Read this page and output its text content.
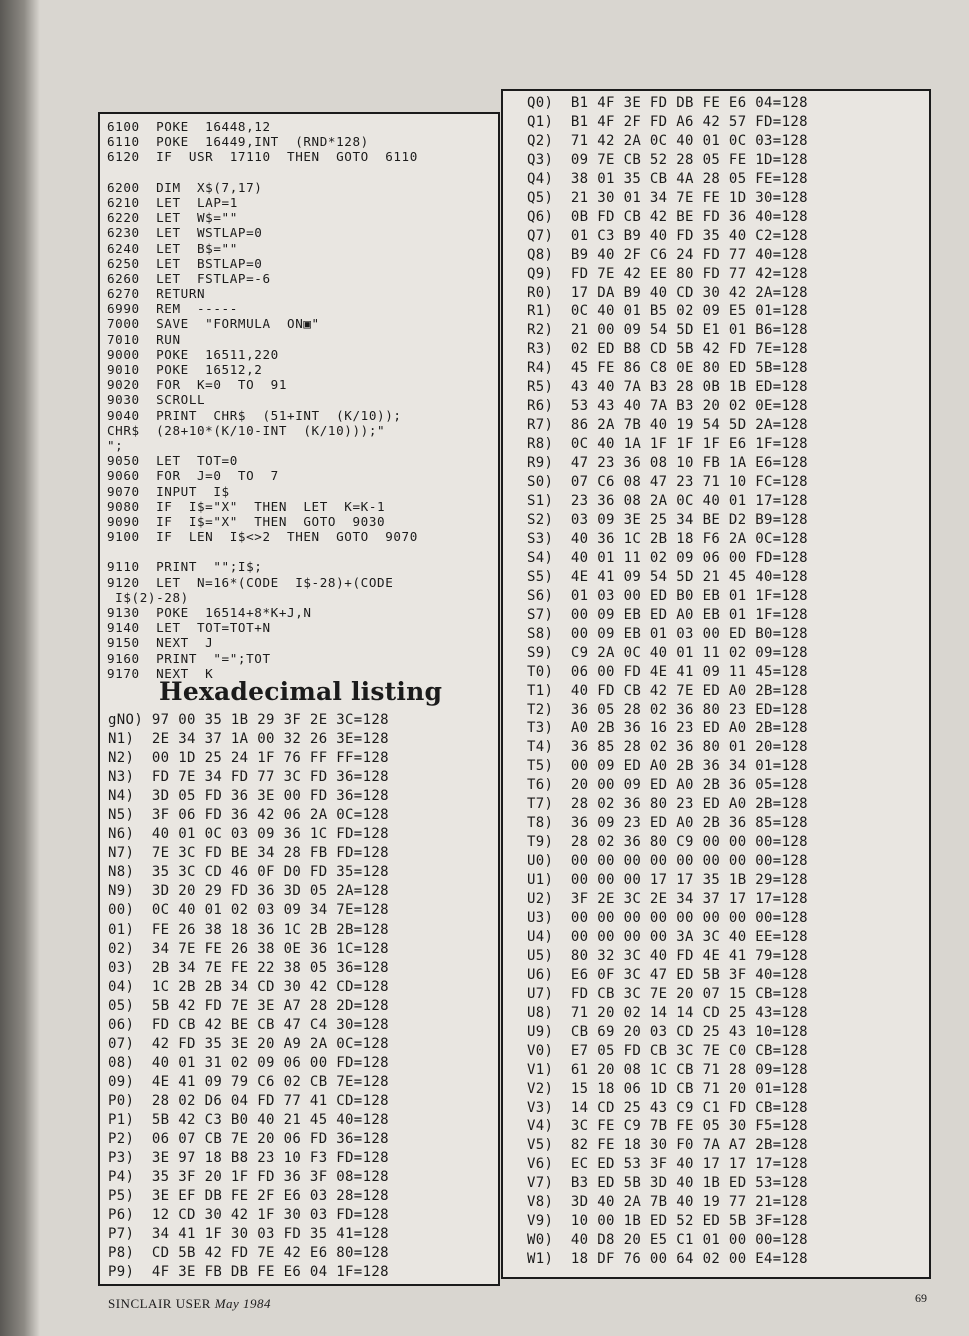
6100  POKE  16448,12
6110  POKE  16449,INT  (RND*128)
6120  IF  USR  17110  THEN  GOTO  6110

6200  DIM  X$(7,17)
6210  LET  LAP=1
6220  LET  W$=""
6230  LET  WSTLAP=0
6240  LET  B$=""
6250  LET  BSTLAP=0
6260  LET  FSTLAP=-6
6270  RETURN
6990  REM  -----
7000  SAVE  "FORMULA  ON▣"
7010  RUN
9000  POKE  16511,220
9010  POKE  16512,2
9020  FOR  K=0  TO  91
9030  SCROLL
9040  PRINT  CHR$  (51+INT  (K/10));
CHR$  (28+10*(K/10-INT  (K/10)));"
";
9050  LET  TOT=0
9060  FOR  J=0  TO  7
9070  INPUT  I$
9080  IF  I$="X"  THEN  LET  K=K-1
9090  IF  I$="X"  THEN  GOTO  9030
9100  IF  LEN  I$<>2  THEN  GOTO  9070

9110  PRINT  "";I$;
9120  LET  N=16*(CODE  I$-28)+(CODE
I$(2)-28)
9130  POKE  16514+8*K+J,N
9140  LET  TOT=TOT+N
9150  NEXT  J
9160  PRINT  "=";TOT
9170  NEXT  K
Hexadecimal listing
gNO) 97 00 35 1B 29 3F 2E 3C=128
N1)  2E 34 37 1A 00 32 26 3E=128
N2)  00 1D 25 24 1F 76 FF FF=128
N3)  FD 7E 34 FD 77 3C FD 36=128
N4)  3D 05 FD 36 3E 00 FD 36=128
N5)  3F 06 FD 36 42 06 2A 0C=128
N6)  40 01 0C 03 09 36 1C FD=128
N7)  7E 3C FD BE 34 28 FB FD=128
N8)  35 3C CD 46 0F D0 FD 35=128
N9)  3D 20 29 FD 36 3D 05 2A=128
00)  0C 40 01 02 03 09 34 7E=128
01)  FE 26 38 18 36 1C 2B 2B=128
02)  34 7E FE 26 38 0E 36 1C=128
03)  2B 34 7E FE 22 38 05 36=128
04)  1C 2B 2B 34 CD 30 42 CD=128
05)  5B 42 FD 7E 3E A7 28 2D=128
06)  FD CB 42 BE CB 47 C4 30=128
07)  42 FD 35 3E 20 A9 2A 0C=128
08)  40 01 31 02 09 06 00 FD=128
09)  4E 41 09 79 C6 02 CB 7E=128
P0)  28 02 D6 04 FD 77 41 CD=128
P1)  5B 42 C3 B0 40 21 45 40=128
P2)  06 07 CB 7E 20 06 FD 36=128
P3)  3E 97 18 B8 23 10 F3 FD=128
P4)  35 3F 20 1F FD 36 3F 08=128
P5)  3E EF DB FE 2F E6 03 28=128
P6)  12 CD 30 42 1F 30 03 FD=128
P7)  34 41 1F 30 03 FD 35 41=128
P8)  CD 5B 42 FD 7E 42 E6 80=128
P9)  4F 3E FB DB FE E6 04 1F=128
Q0)  B1 4F 3E FD DB FE E6 04=128
Q1)  B1 4F 2F FD A6 42 57 FD=128
Q2)  71 42 2A 0C 40 01 0C 03=128
Q3)  09 7E CB 52 28 05 FE 1D=128
Q4)  38 01 35 CB 4A 28 05 FE=128
Q5)  21 30 01 34 7E FE 1D 30=128
Q6)  0B FD CB 42 BE FD 36 40=128
Q7)  01 C3 B9 40 FD 35 40 C2=128
Q8)  B9 40 2F C6 24 FD 77 40=128
Q9)  FD 7E 42 EE 80 FD 77 42=128
R0)  17 DA B9 40 CD 30 42 2A=128
R1)  0C 40 01 B5 02 09 E5 01=128
R2)  21 00 09 54 5D E1 01 B6=128
R3)  02 ED B8 CD 5B 42 FD 7E=128
R4)  45 FE 86 C8 0E 80 ED 5B=128
R5)  43 40 7A B3 28 0B 1B ED=128
R6)  53 43 40 7A B3 20 02 0E=128
R7)  86 2A 7B 40 19 54 5D 2A=128
R8)  0C 40 1A 1F 1F 1F E6 1F=128
R9)  47 23 36 08 10 FB 1A E6=128
S0)  07 C6 08 47 23 71 10 FC=128
S1)  23 36 08 2A 0C 40 01 17=128
S2)  03 09 3E 25 34 BE D2 B9=128
S3)  40 36 1C 2B 18 F6 2A 0C=128
S4)  40 01 11 02 09 06 00 FD=128
S5)  4E 41 09 54 5D 21 45 40=128
S6)  01 03 00 ED B0 EB 01 1F=128
S7)  00 09 EB ED A0 EB 01 1F=128
S8)  00 09 EB 01 03 00 ED B0=128
S9)  C9 2A 0C 40 01 11 02 09=128
T0)  06 00 FD 4E 41 09 11 45=128
T1)  40 FD CB 42 7E ED A0 2B=128
T2)  36 05 28 02 36 80 23 ED=128
T3)  A0 2B 36 16 23 ED A0 2B=128
T4)  36 85 28 02 36 80 01 20=128
T5)  00 09 ED A0 2B 36 34 01=128
T6)  20 00 09 ED A0 2B 36 05=128
T7)  28 02 36 80 23 ED A0 2B=128
T8)  36 09 23 ED A0 2B 36 85=128
T9)  28 02 36 80 C9 00 00 00=128
U0)  00 00 00 00 00 00 00 00=128
U1)  00 00 00 17 17 35 1B 29=128
U2)  3F 2E 3C 2E 34 37 17 17=128
U3)  00 00 00 00 00 00 00 00=128
U4)  00 00 00 00 3A 3C 40 EE=128
U5)  80 32 3C 40 FD 4E 41 79=128
U6)  E6 0F 3C 47 ED 5B 3F 40=128
U7)  FD CB 3C 7E 20 07 15 CB=128
U8)  71 20 02 14 14 CD 25 43=128
U9)  CB 69 20 03 CD 25 43 10=128
V0)  E7 05 FD CB 3C 7E C0 CB=128
V1)  61 20 08 1C CB 71 28 09=128
V2)  15 18 06 1D CB 71 20 01=128
V3)  14 CD 25 43 C9 C1 FD CB=128
V4)  3C FE C9 7B FE 05 30 F5=128
V5)  82 FE 18 30 F0 7A A7 2B=128
V6)  EC ED 53 3F 40 17 17 17=128
V7)  B3 ED 5B 3D 40 1B ED 53=128
V8)  3D 40 2A 7B 40 19 77 21=128
V9)  10 00 1B ED 52 ED 5B 3F=128
W0)  40 D8 20 E5 C1 01 00 00=128
W1)  18 DF 76 00 64 02 00 E4=128
SINCLAIR USER May 1984	69
